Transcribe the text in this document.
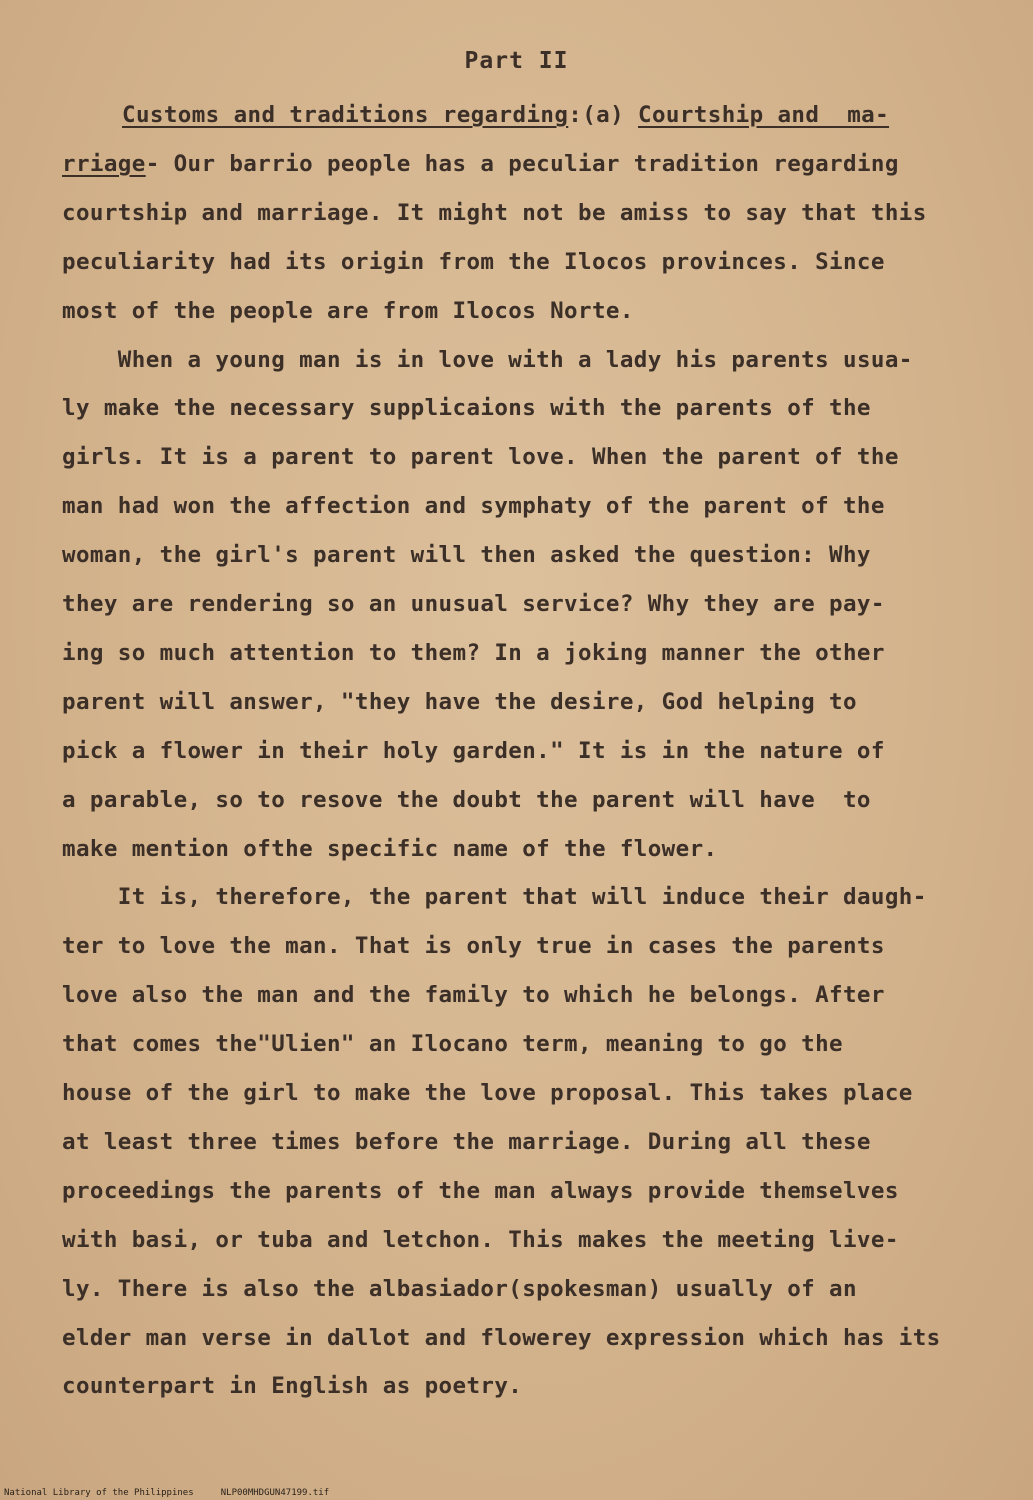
Part II
Customs and traditions regarding:(a) Courtship and  ma-
rriage- Our barrio people has a peculiar tradition regarding
courtship and marriage. It might not be amiss to say that this
peculiarity had its origin from the Ilocos provinces. Since
most of the people are from Ilocos Norte.
When a young man is in love with a lady his parents usua-
ly make the necessary supplicaions with the parents of the
girls. It is a parent to parent love. When the parent of the
man had won the affection and symphaty of the parent of the
woman, the girl's parent will then asked the question: Why
they are rendering so an unusual service? Why they are pay-
ing so much attention to them? In a joking manner the other
parent will answer, "they have the desire, God helping to
pick a flower in their holy garden." It is in the nature of
a parable, so to resove the doubt the parent will have  to
make mention ofthe specific name of the flower.
It is, therefore, the parent that will induce their daugh-
ter to love the man. That is only true in cases the parents
love also the man and the family to which he belongs. After
that comes the"Ulien" an Ilocano term, meaning to go the
house of the girl to make the love proposal. This takes place
at least three times before the marriage. During all these
proceedings the parents of the man always provide themselves
with basi, or tuba and letchon. This makes the meeting live-
ly. There is also the albasiador(spokesman) usually of an
elder man verse in dallot and flowerey expression which has its
counterpart in English as poetry.
National Library of the Philippines	NLP00MHDGUN47199.tif
